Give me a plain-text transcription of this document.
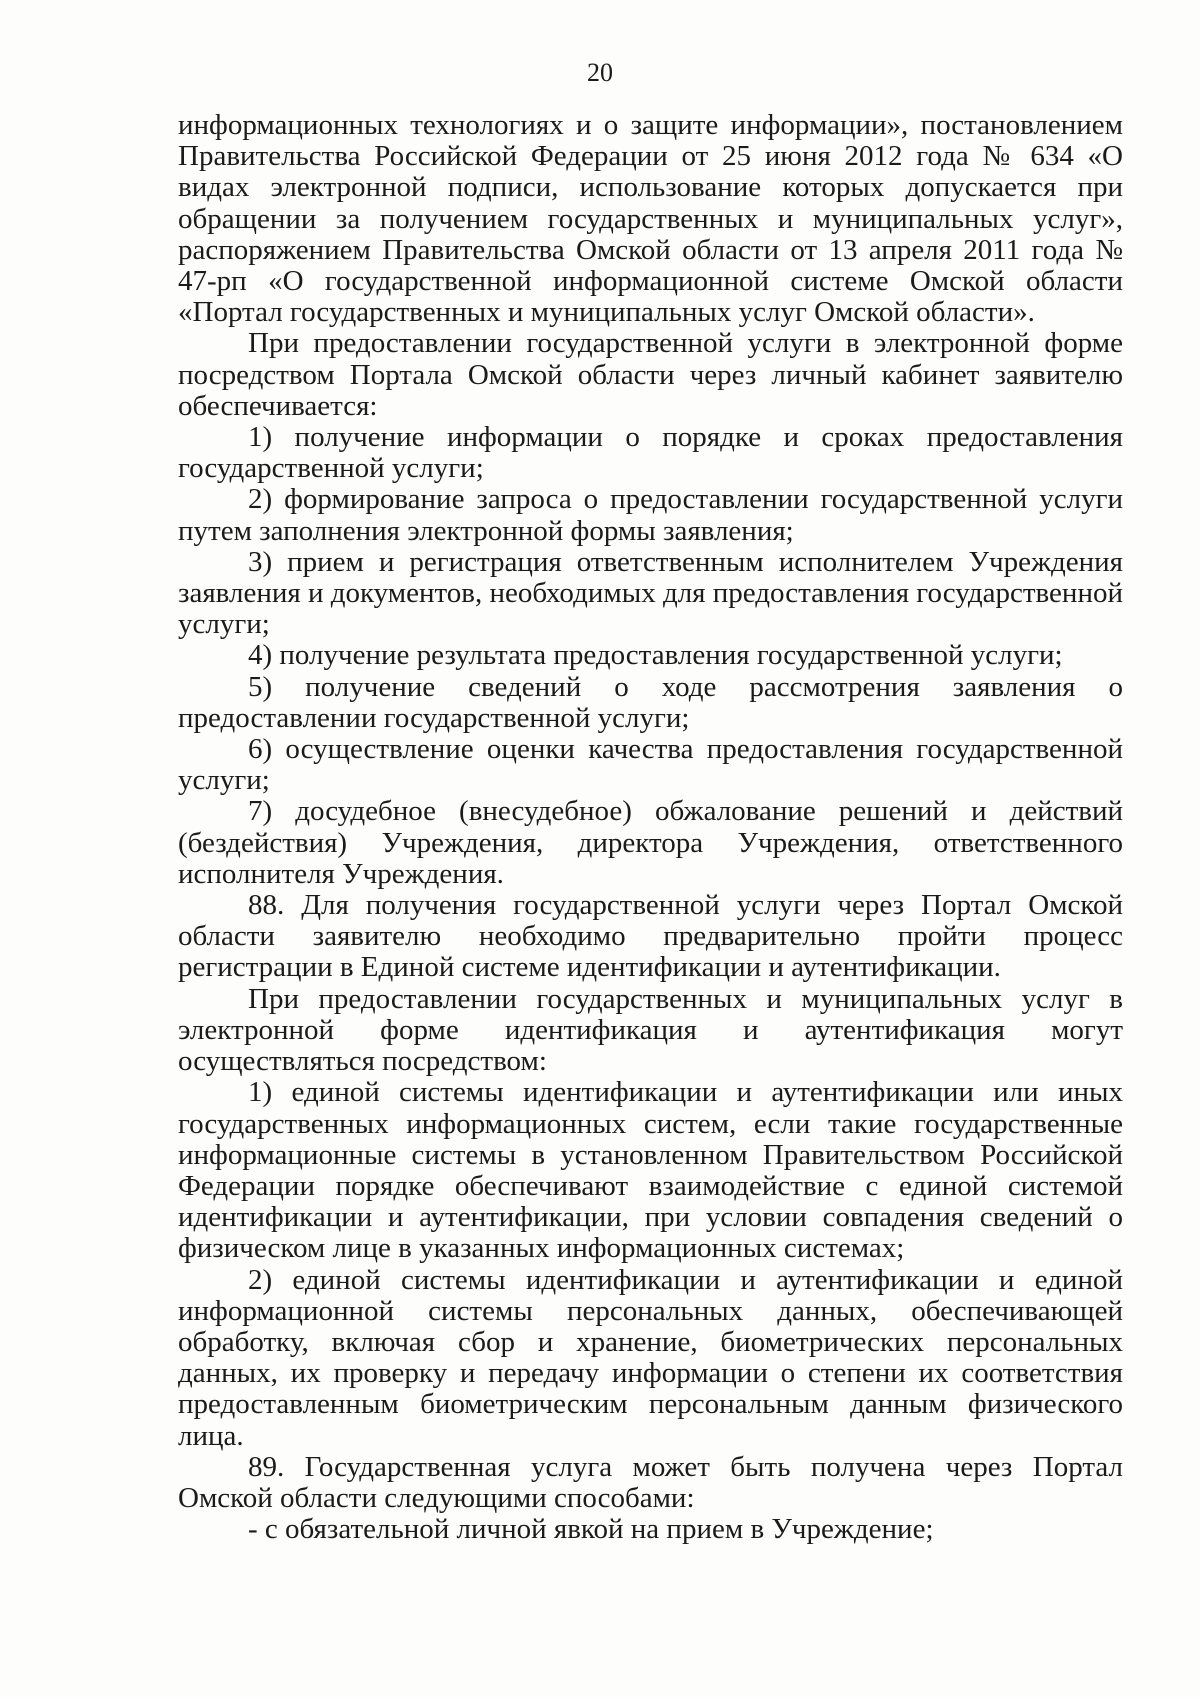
20

информационных технологиях и о защите информации», постановлением Правительства Российской Федерации от 25 июня 2012 года № 634 «О видах электронной подписи, использование которых допускается при обращении за получением государственных и муниципальных услуг», распоряжением Правительства Омской области от 13 апреля 2011 года № 47-рп «О государственной информационной системе Омской области «Портал государственных и муниципальных услуг Омской области».

При предоставлении государственной услуги в электронной форме посредством Портала Омской области через личный кабинет заявителю обеспечивается:

1) получение информации о порядке и сроках предоставления государственной услуги;

2) формирование запроса о предоставлении государственной услуги путем заполнения электронной формы заявления;

3) прием и регистрация ответственным исполнителем Учреждения заявления и документов, необходимых для предоставления государственной услуги;

4) получение результата предоставления государственной услуги;

5) получение сведений о ходе рассмотрения заявления о предоставлении государственной услуги;

6) осуществление оценки качества предоставления государственной услуги;

7) досудебное (внесудебное) обжалование решений и действий (бездействия) Учреждения, директора Учреждения, ответственного исполнителя Учреждения.

88. Для получения государственной услуги через Портал Омской области заявителю необходимо предварительно пройти процесс регистрации в Единой системе идентификации и аутентификации.

При предоставлении государственных и муниципальных услуг в электронной форме идентификация и аутентификация могут осуществляться посредством:

1) единой системы идентификации и аутентификации или иных государственных информационных систем, если такие государственные информационные системы в установленном Правительством Российской Федерации порядке обеспечивают взаимодействие с единой системой идентификации и аутентификации, при условии совпадения сведений о физическом лице в указанных информационных системах;

2) единой системы идентификации и аутентификации и единой информационной системы персональных данных, обеспечивающей обработку, включая сбор и хранение, биометрических персональных данных, их проверку и передачу информации о степени их соответствия предоставленным биометрическим персональным данным физического лица.

89. Государственная услуга может быть получена через Портал Омской области следующими способами:

- с обязательной личной явкой на прием в Учреждение;
